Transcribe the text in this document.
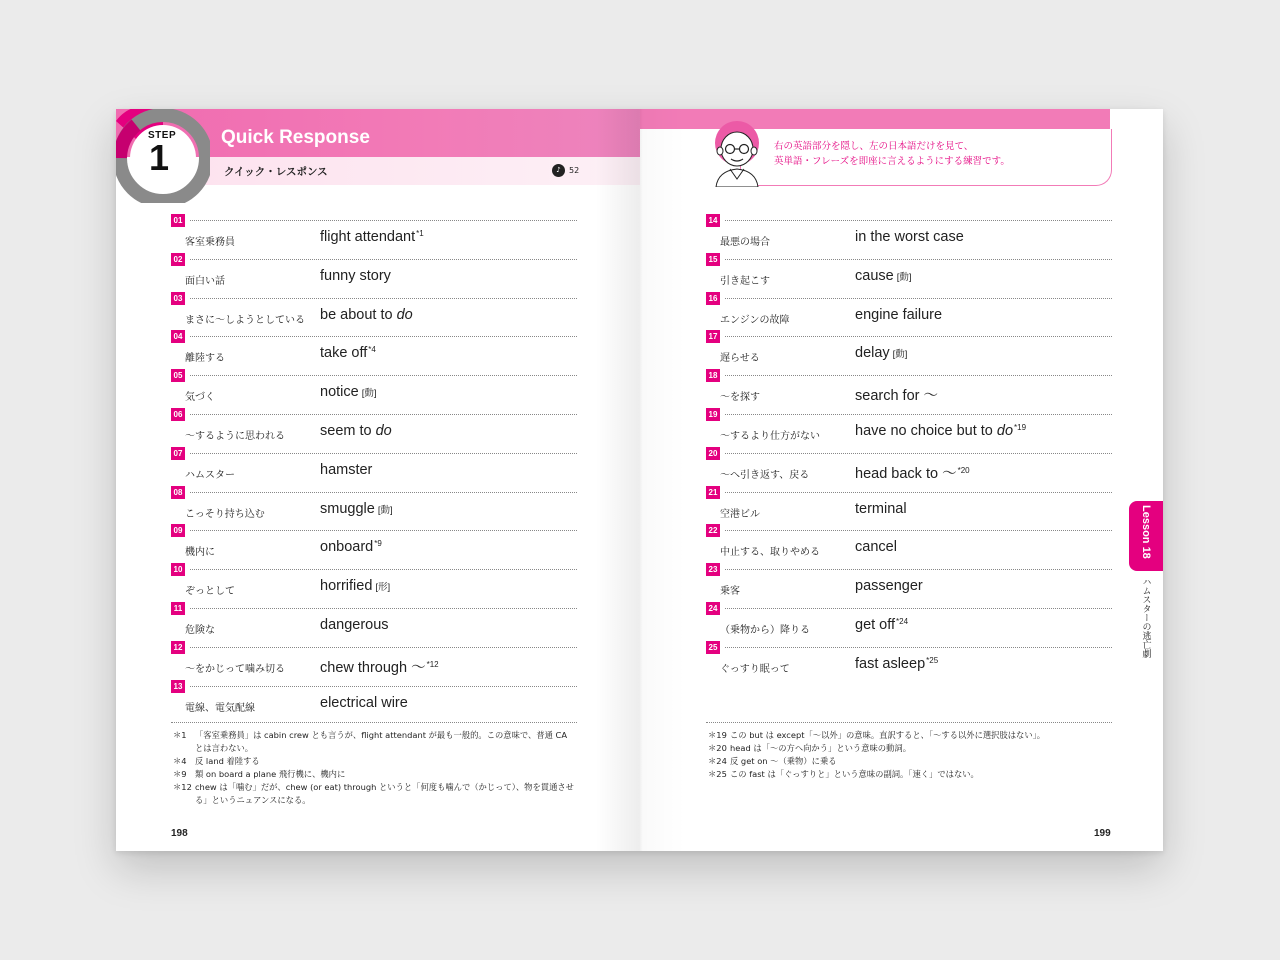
STEP
1	Quick Response
クイック・レスポンス	♪	52
右の英語部分を隠し、左の日本語だけを見て、
英単語・フレーズを即座に言えるようにする練習です。
01
客室乗務員	flight attendant$^{*1}$
02
面白い話	funny story
03
まさに～しようとしている be about to do
04
離陸する	take off$^{*4}$
05
気づく	notice [動]
06
～するように思われる seem to do
07
ハムスター	hamster
08
こっそり持ち込む	smuggle [動]
09
機内に	onboard$^{*9}$
10
ぞっとして	horrified [形]
11
危険な	dangerous
12
～をかじって噛み切る chew through ～$^{*12}$
13
電線、電気配線	electrical wire
14
最悪の場合	in the worst case
15
引き起こす	cause [動]
16
エンジンの故障	engine failure
17
遅らせる	delay [動]
18
～を探す	search for ～
19
～するより仕方がない have no choice but to $do^{*19}$
20
～へ引き返す、戻る	head back to ～$^{*20}$
21
空港ビル	terminal
22
中止する、取りやめる cancel
23
乗客	passenger
24
（乗物から）降りる	get off$^{*24}$
25
ぐっすり眠って	fast asleep$^{*25}$
＊1 「客室乗務員」は cabin crew とも言うが、flight attendant が最も一般的。この意味で、普通 CA とは言わない。
＊4 反 land 着陸する
＊9 類 on board a plane 飛行機に、機内に
＊12 chew は「噛む」だが、chew (or eat) through というと「何度も噛んで（かじって）、物を貫通させる」というニュアンスになる。
＊19 この but は except「～以外」の意味。直訳すると、「～する以外に選択肢はない」。
＊20 head は「～の方へ向かう」という意味の動詞。
＊24 反 get on ～（乗物）に乗る
＊25 この fast は「ぐっすりと」という意味の副詞。「速く」ではない。
198	199
Lesson 18
ハムスターの逃亡劇
